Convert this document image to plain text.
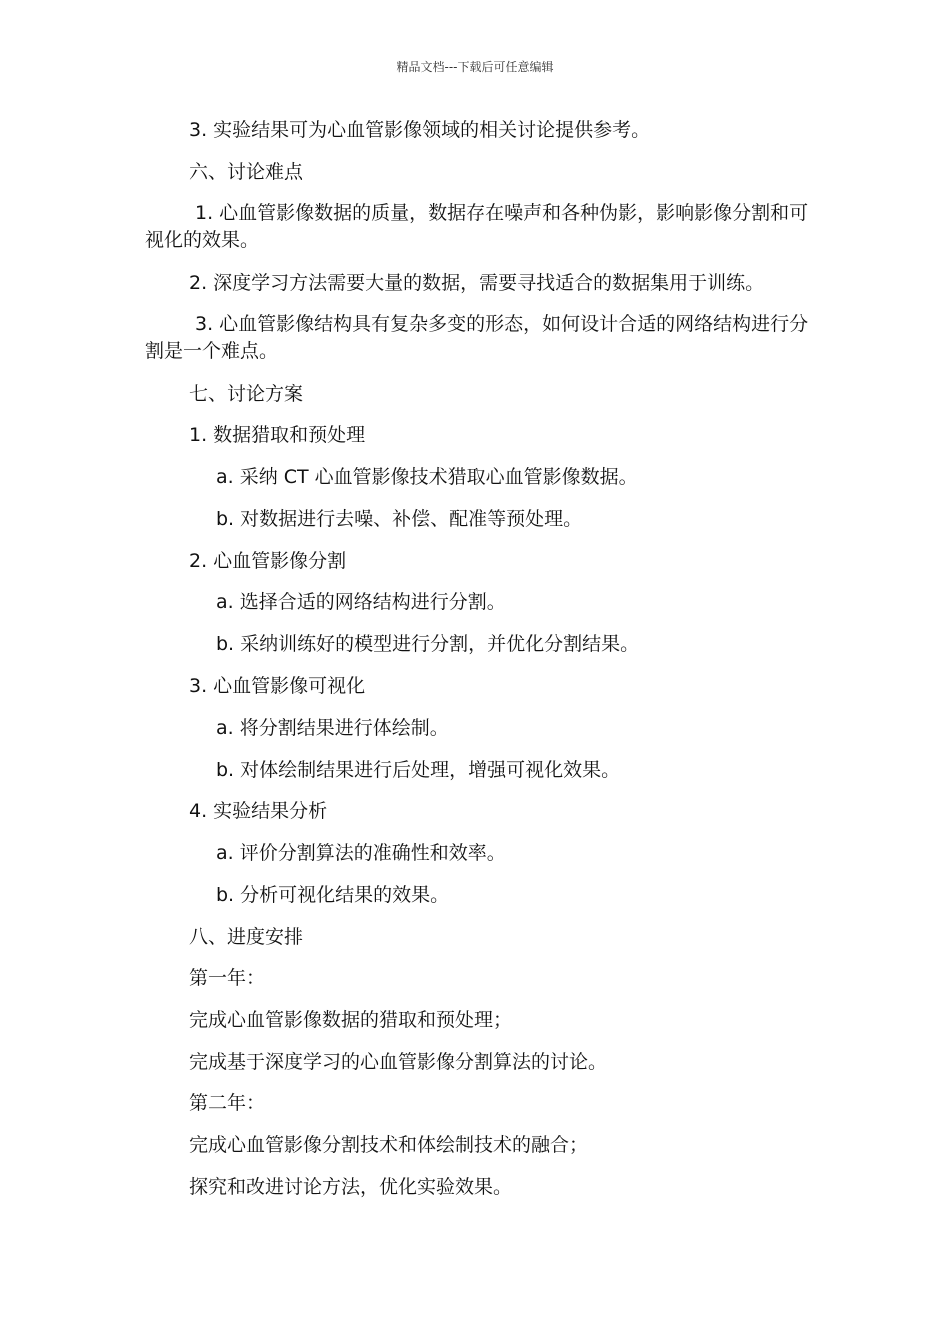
精品文档---下载后可任意编辑
3. 实验结果可为心血管影像领域的相关讨论提供参考。
六、讨论难点
1. 心血管影像数据的质量，数据存在噪声和各种伪影，影响影像分割和可视化的效果。
2. 深度学习方法需要大量的数据，需要寻找适合的数据集用于训练。
3. 心血管影像结构具有复杂多变的形态，如何设计合适的网络结构进行分割是一个难点。
七、讨论方案
1. 数据猎取和预处理
a. 采纳 CT 心血管影像技术猎取心血管影像数据。
b. 对数据进行去噪、补偿、配准等预处理。
2. 心血管影像分割
a. 选择合适的网络结构进行分割。
b. 采纳训练好的模型进行分割，并优化分割结果。
3. 心血管影像可视化
a. 将分割结果进行体绘制。
b. 对体绘制结果进行后处理，增强可视化效果。
4. 实验结果分析
a. 评价分割算法的准确性和效率。
b. 分析可视化结果的效果。
八、进度安排
第一年：
完成心血管影像数据的猎取和预处理；
完成基于深度学习的心血管影像分割算法的讨论。
第二年：
完成心血管影像分割技术和体绘制技术的融合；
探究和改进讨论方法，优化实验效果。
